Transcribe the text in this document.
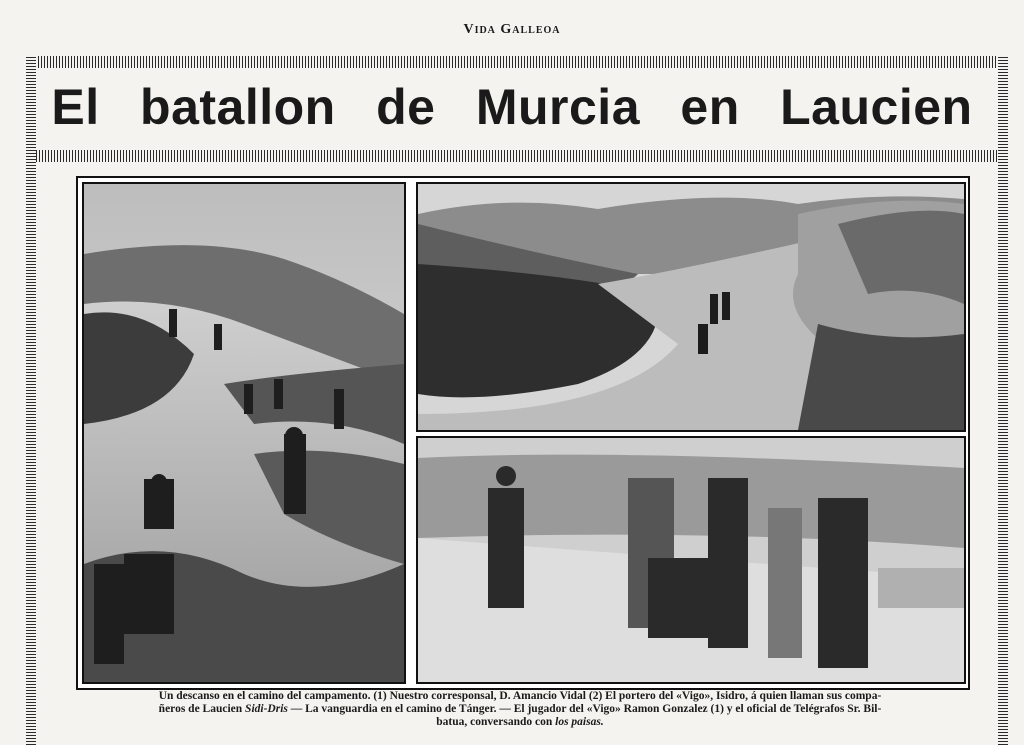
Vida Galleoa
El batallon de Murcia en Laucien
Un descanso en el camino del campamento. (1) Nuestro corresponsal, D. Amancio Vidal (2) El portero del «Vigo», Isidro, á quien llaman sus compa-
ñeros de Laucien Sidi-Dris — La vanguardia en el camino de Tánger. — El jugador del «Vigo» Ramon Gonzalez (1) y el oficial de Telégrafos Sr. Bil-
batua, conversando con los paisas.
